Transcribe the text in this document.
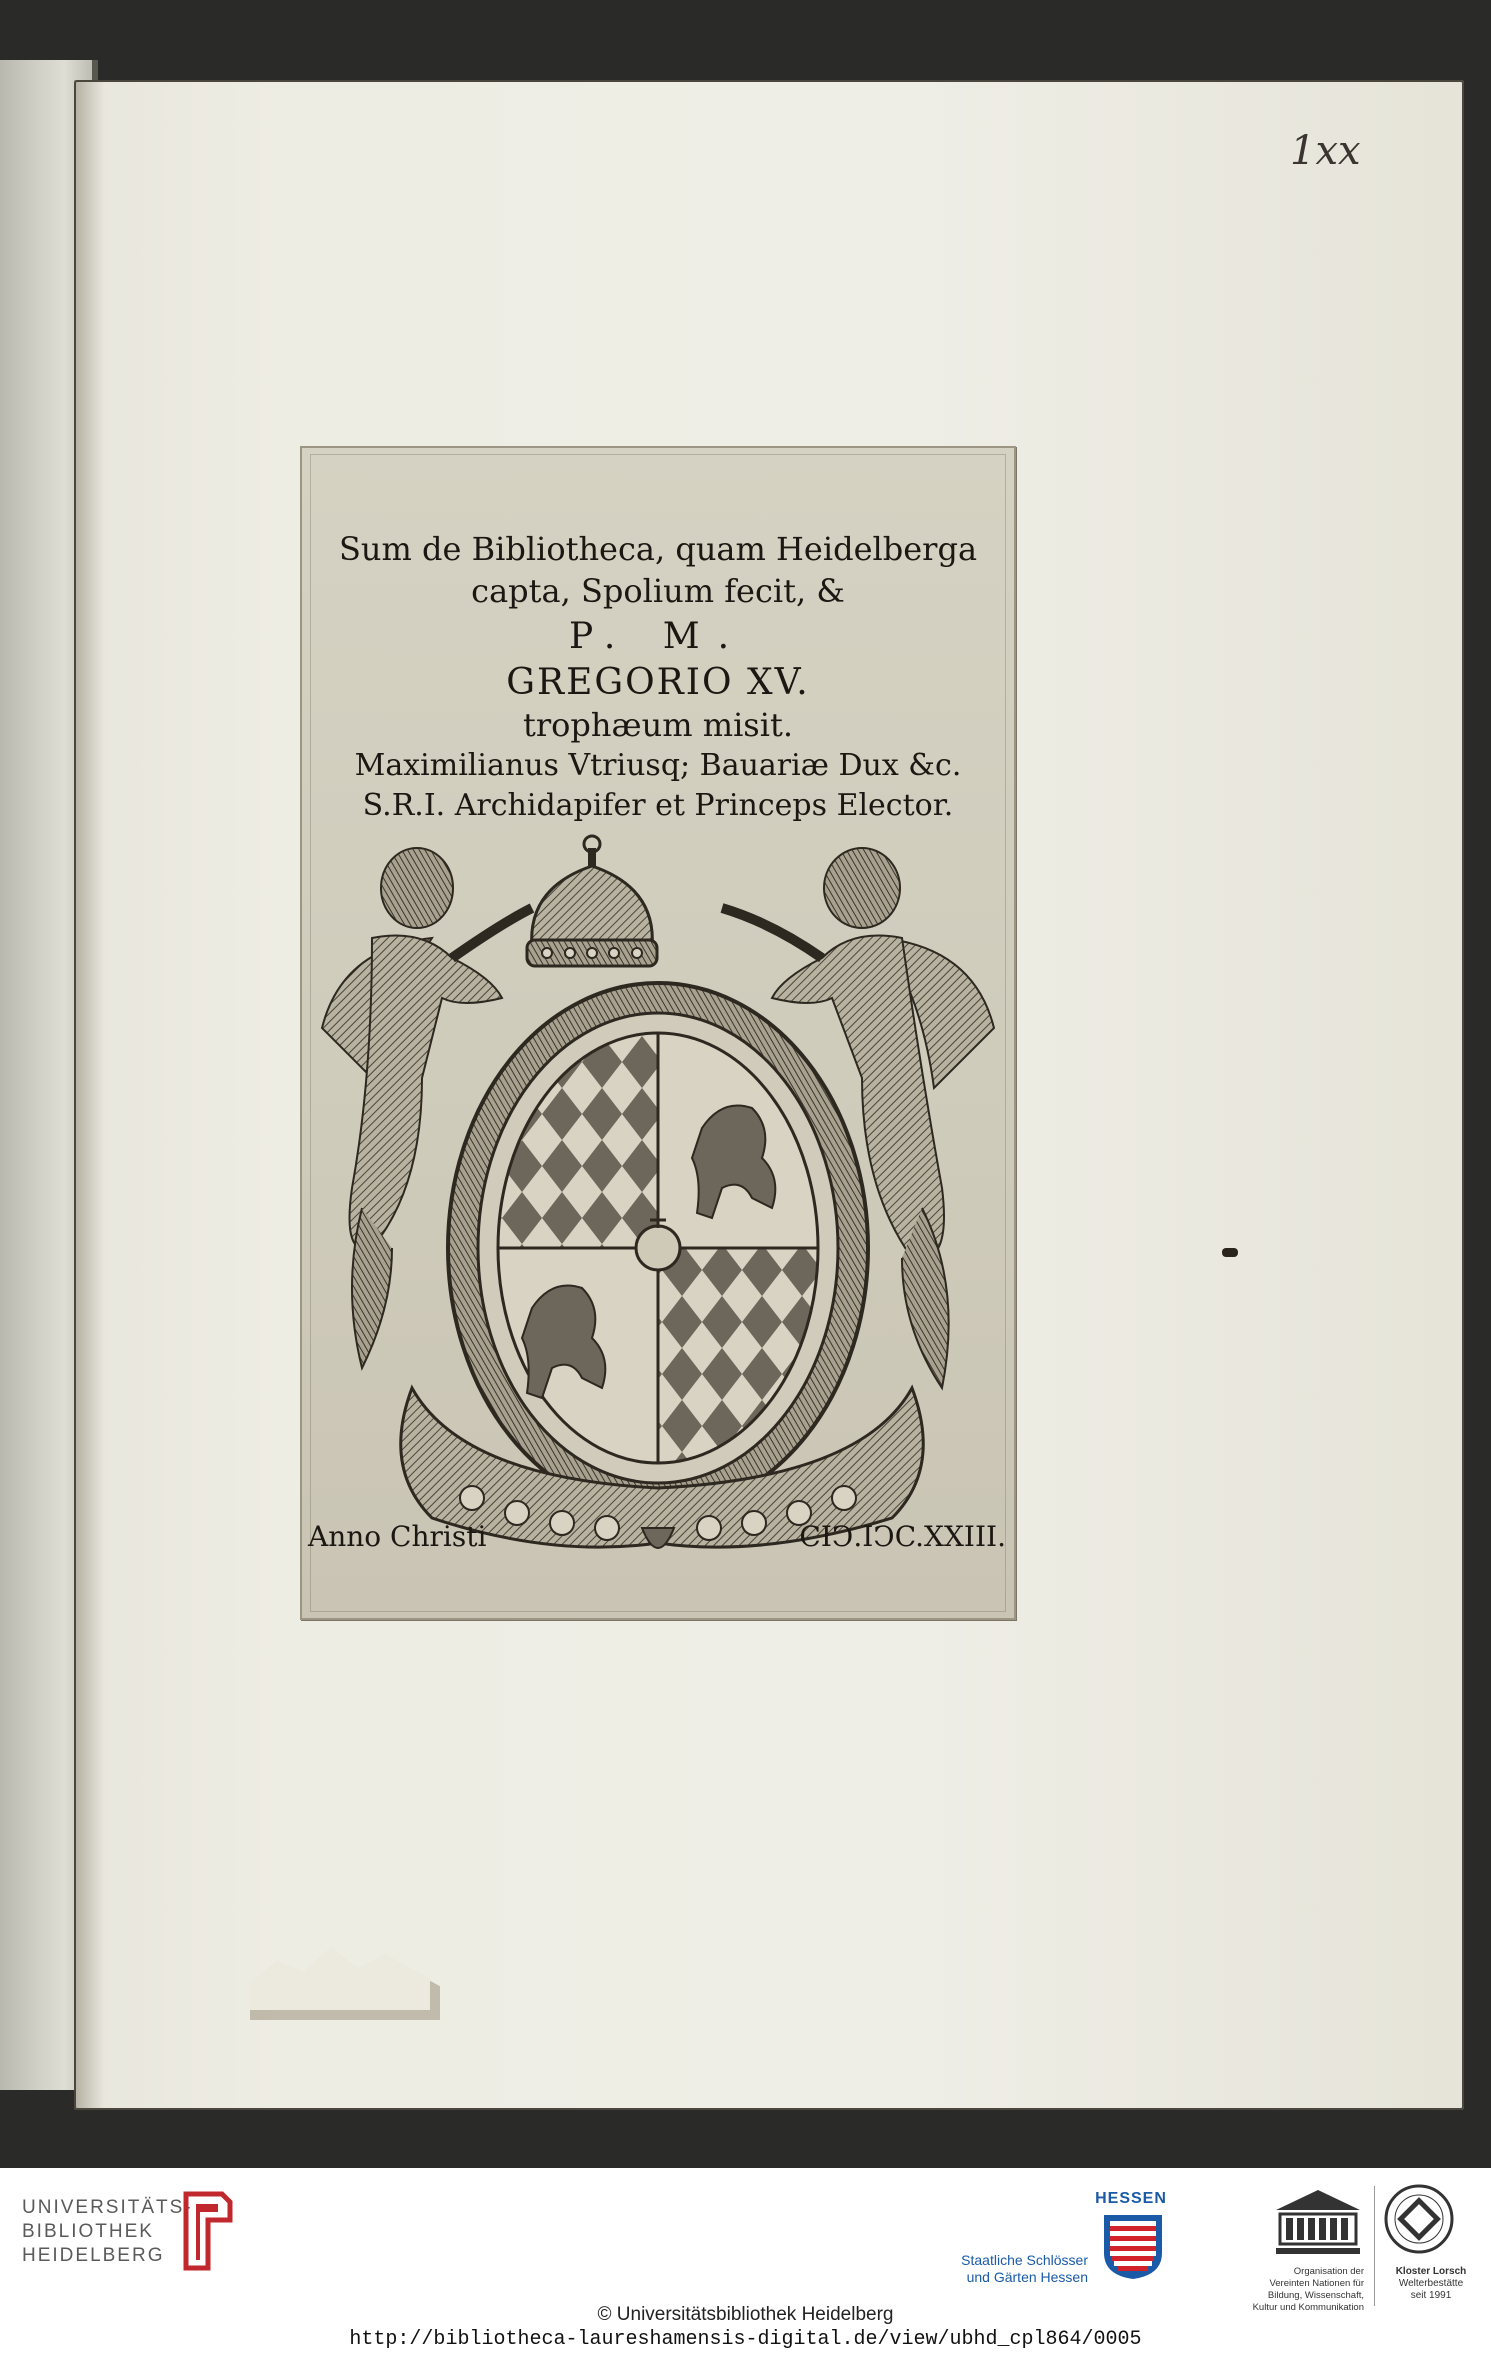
1xx
Sum de Bibliotheca, quam Heidelberga
capta, Spolium fecit, &
P. M.
GREGORIO XV.
trophæum misit.
Maximilianus Vtriusq; Bauariæ Dux &c.
S.R.I. Archidapifer et Princeps Elector.
Anno Christi	CIↃ.IↃC.XXIII.
UNIVERSITÄTS-
BIBLIOTHEK
HEIDELBERG
HESSEN
Staatliche Schlösser
und Gärten Hessen	Organisation der
Vereinten Nationen für
Bildung, Wissenschaft,
Kultur und Kommunikation
Kloster Lorsch
Welterbestätte
seit 1991
© Universitätsbibliothek Heidelberg
http://bibliotheca-laureshamensis-digital.de/view/ubhd_cpl864/0005
